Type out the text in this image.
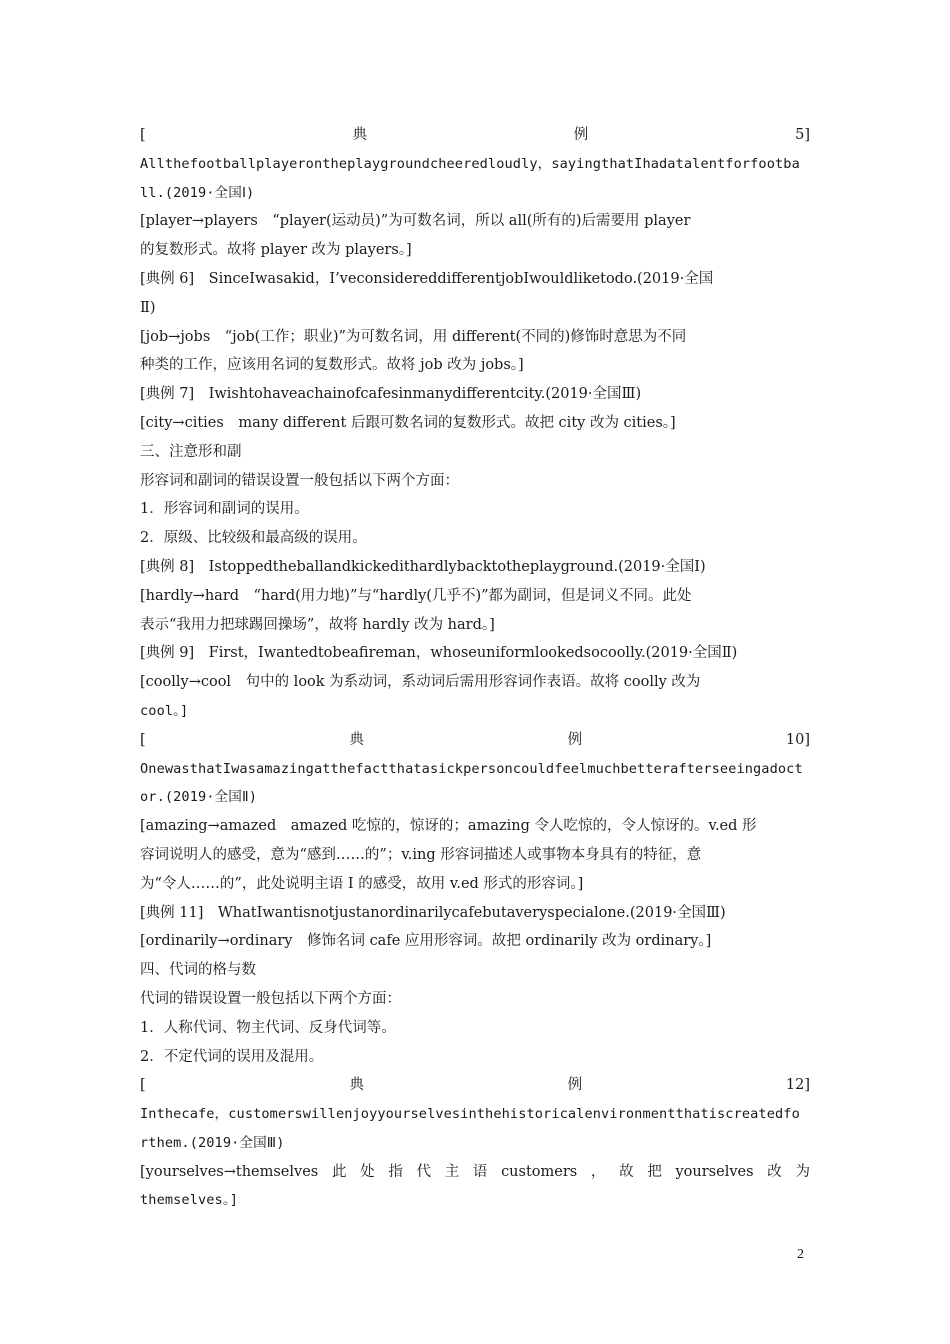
[	典	例	5]
Allthefootballplayerontheplaygroundcheeredloudly，sayingthatIhadatalentforfootba
ll.(2019·全国Ⅰ)
[player→players　“player(运动员)”为可数名词，所以 all(所有的)后需要用 player
的复数形式。故将 player 改为 players。]
[典例 6]　SinceIwasakid，I’veconsidereddifferentjobIwouldliketodo.(2019·全国
Ⅱ)
[job→jobs　“job(工作；职业)”为可数名词，用 different(不同的)修饰时意思为不同
种类的工作，应该用名词的复数形式。故将 job 改为 jobs。]
[典例 7]　Iwishtohaveachainofcafesinmanydifferentcity.(2019·全国Ⅲ)
[city→cities　many different 后跟可数名词的复数形式。故把 city 改为 cities。]
三、注意形和副
形容词和副词的错误设置一般包括以下两个方面：
1．形容词和副词的误用。
2．原级、比较级和最高级的误用。
[典例 8]　Istoppedtheballandkickedithardlybacktotheplayground.(2019·全国Ⅰ)
[hardly→hard　“hard(用力地)”与“hardly(几乎不)”都为副词，但是词义不同。此处
表示“我用力把球踢回操场”，故将 hardly 改为 hard。]
[典例 9]　First，Iwantedtobeafireman，whoseuniformlookedsocoolly.(2019·全国Ⅱ)
[coolly→cool　句中的 look 为系动词，系动词后需用形容词作表语。故将 coolly 改为
cool。]
[	典	例	10]
OnewasthatIwasamazingatthefactthatasickpersoncouldfeelmuchbetterafterseeingadoct
or.(2019·全国Ⅱ)
[amazing→amazed　amazed 吃惊的，惊讶的；amazing 令人吃惊的，令人惊讶的。v.ed 形
容词说明人的感受，意为“感到……的”；v.ing 形容词描述人或事物本身具有的特征，意
为“令人……的”，此处说明主语 I 的感受，故用 v.ed 形式的形容词。]
[典例 11]　WhatIwantisnotjustanordinarilycafebutaveryspecialone.(2019·全国Ⅲ)
[ordinarily→ordinary　修饰名词 cafe 应用形容词。故把 ordinarily 改为 ordinary。]
四、代词的格与数
代词的错误设置一般包括以下两个方面：
1．人称代词、物主代词、反身代词等。
2．不定代词的误用及混用。
[	典	例	12]
Inthecafe，customerswillenjoyyourselvesinthehistoricalenvironmentthatiscreatedfo
rthem.(2019·全国Ⅲ)
[yourselves→themselves 此 处 指 代 主 语 customers ， 故 把 yourselves 改 为
themselves。]
2
